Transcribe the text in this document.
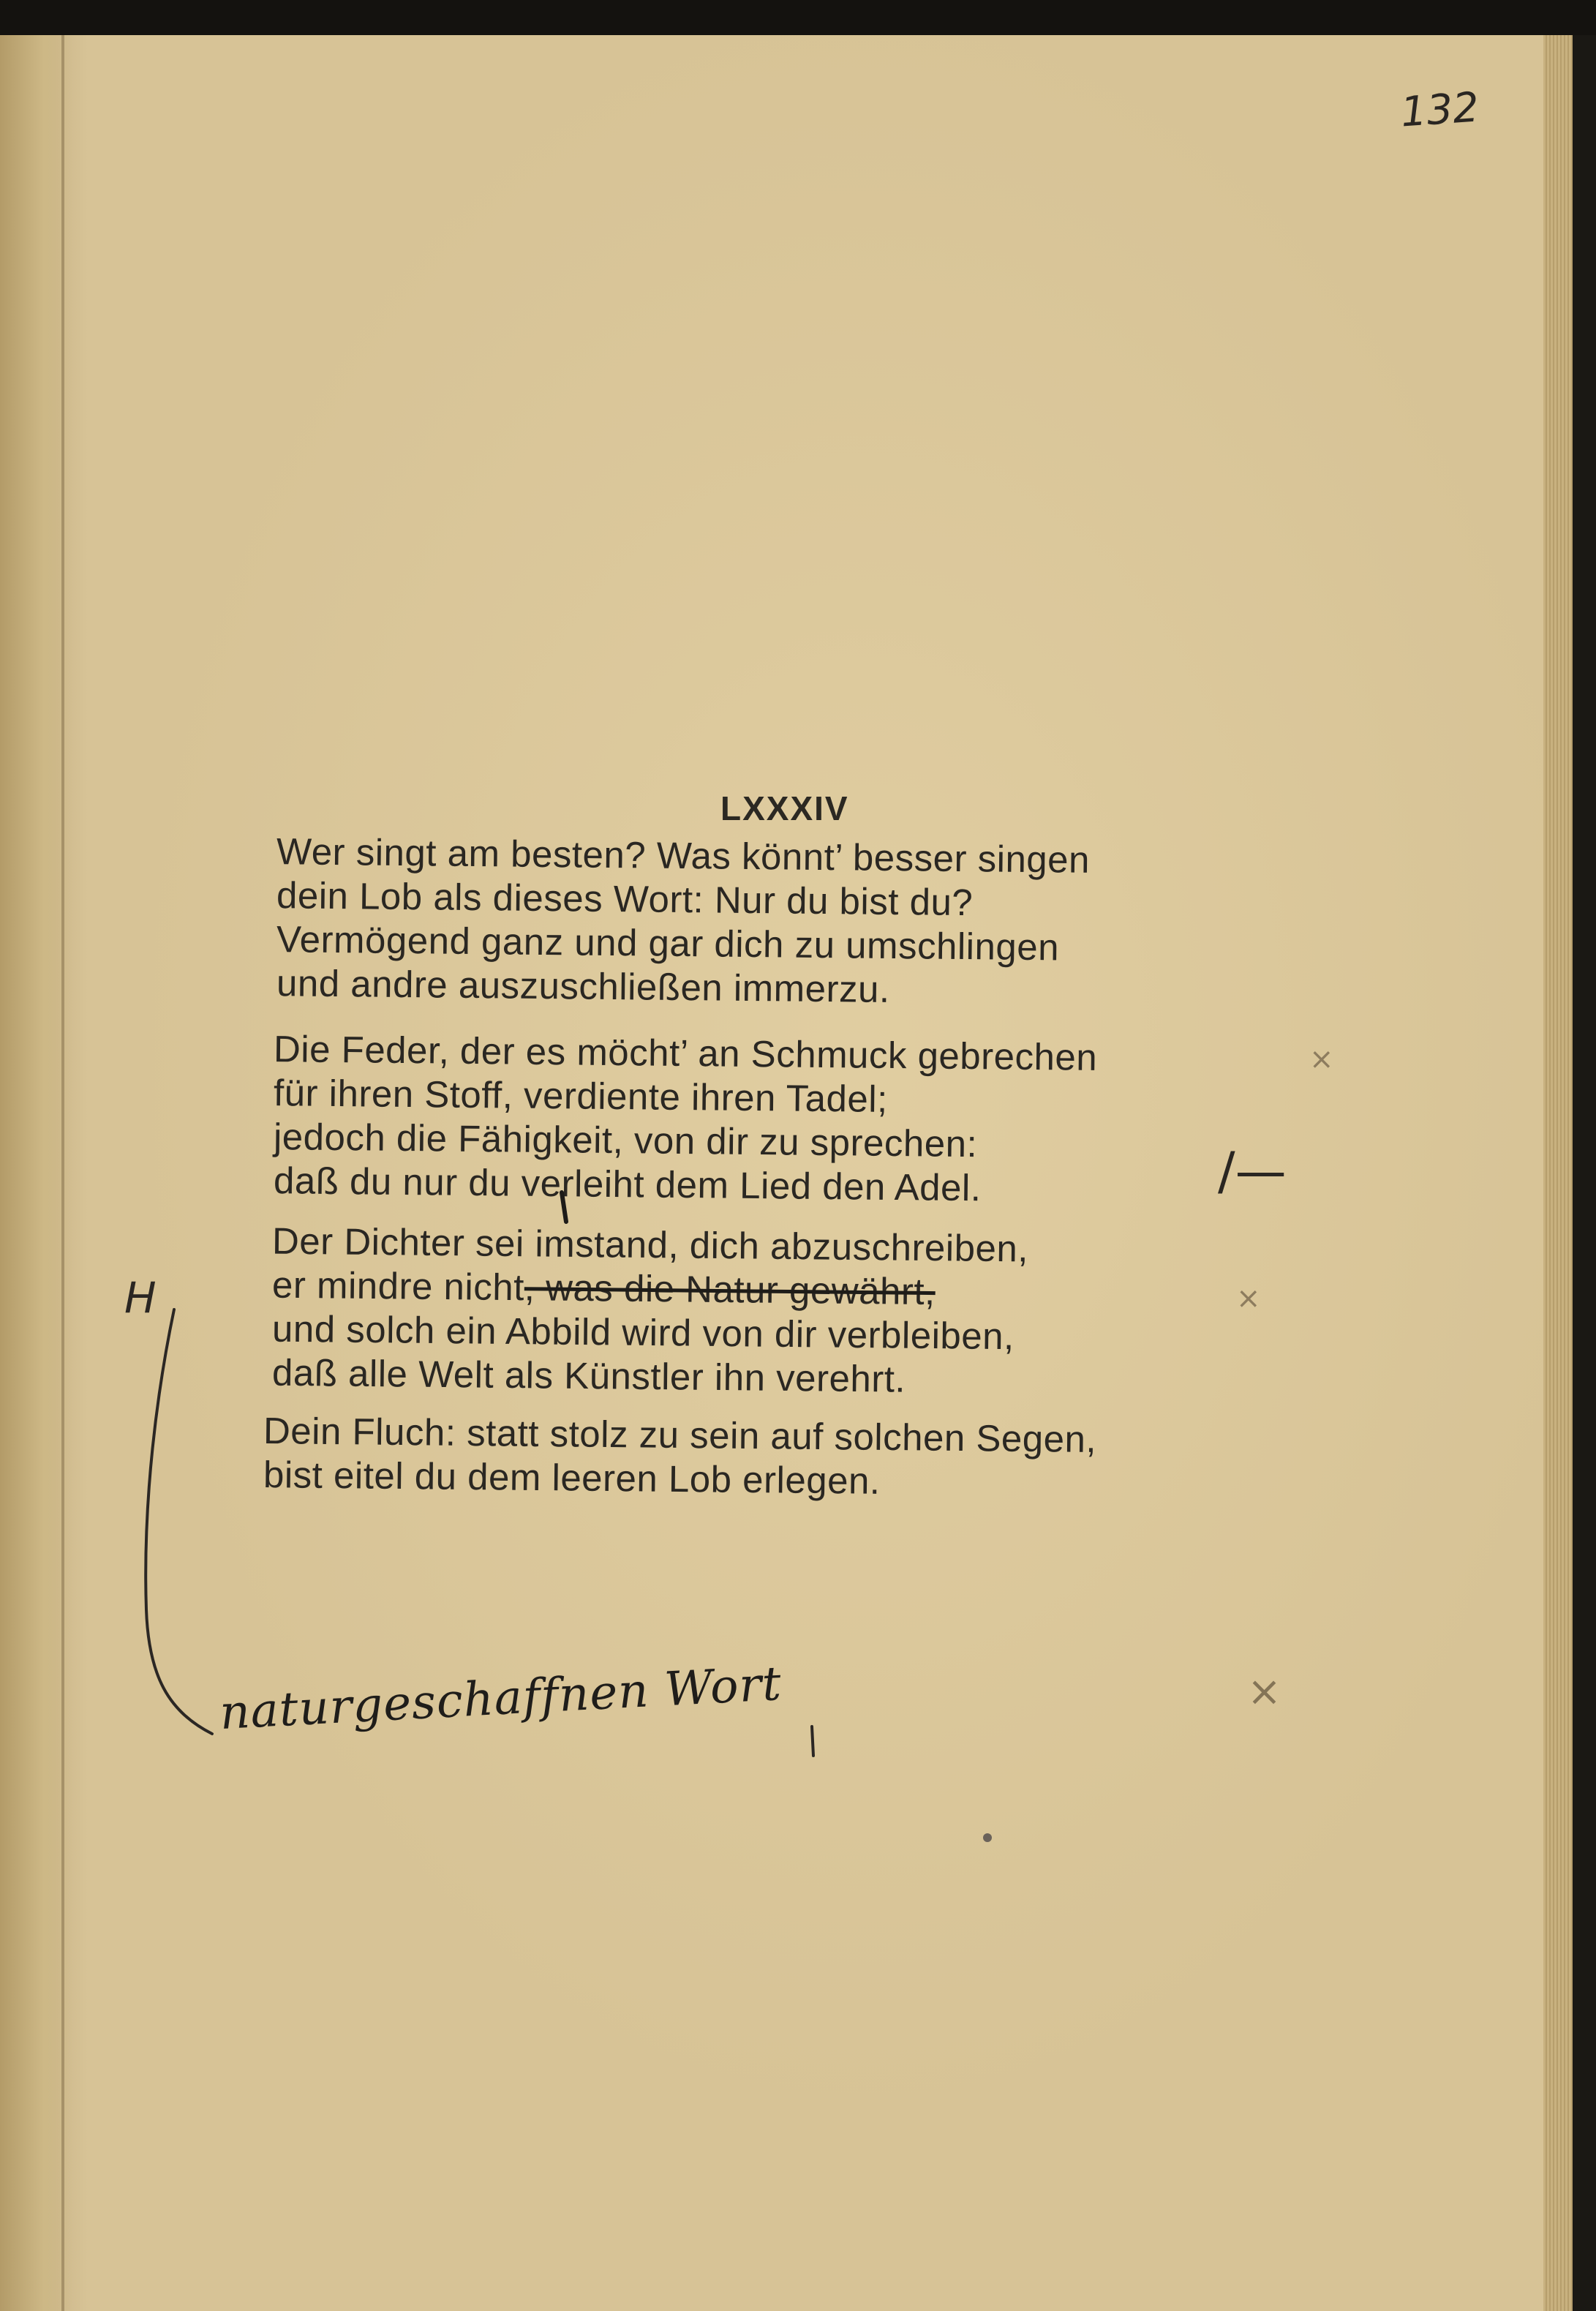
132
LXXXIV
Wer singt am besten? Was könnt’ besser singen
dein Lob als dieses Wort: Nur du bist du?
Vermögend ganz und gar dich zu umschlingen
und andre auszuschließen immerzu.
Die Feder, der es möcht’ an Schmuck gebrechen
für ihren Stoff, verdiente ihren Tadel;
jedoch die Fähigkeit, von dir zu sprechen:
daß du nur du verleiht dem Lied den Adel.
Der Dichter sei imstand, dich abzuschreiben,
er mindre nicht, was die Natur gewährt,
und solch ein Abbild wird von dir verbleiben,
daß alle Welt als Künstler ihn verehrt.
Dein Fluch: statt stolz zu sein auf solchen Segen,
bist eitel du dem leeren Lob erlegen.
H
/—
×
×
×
naturgeschaffnen Wort
